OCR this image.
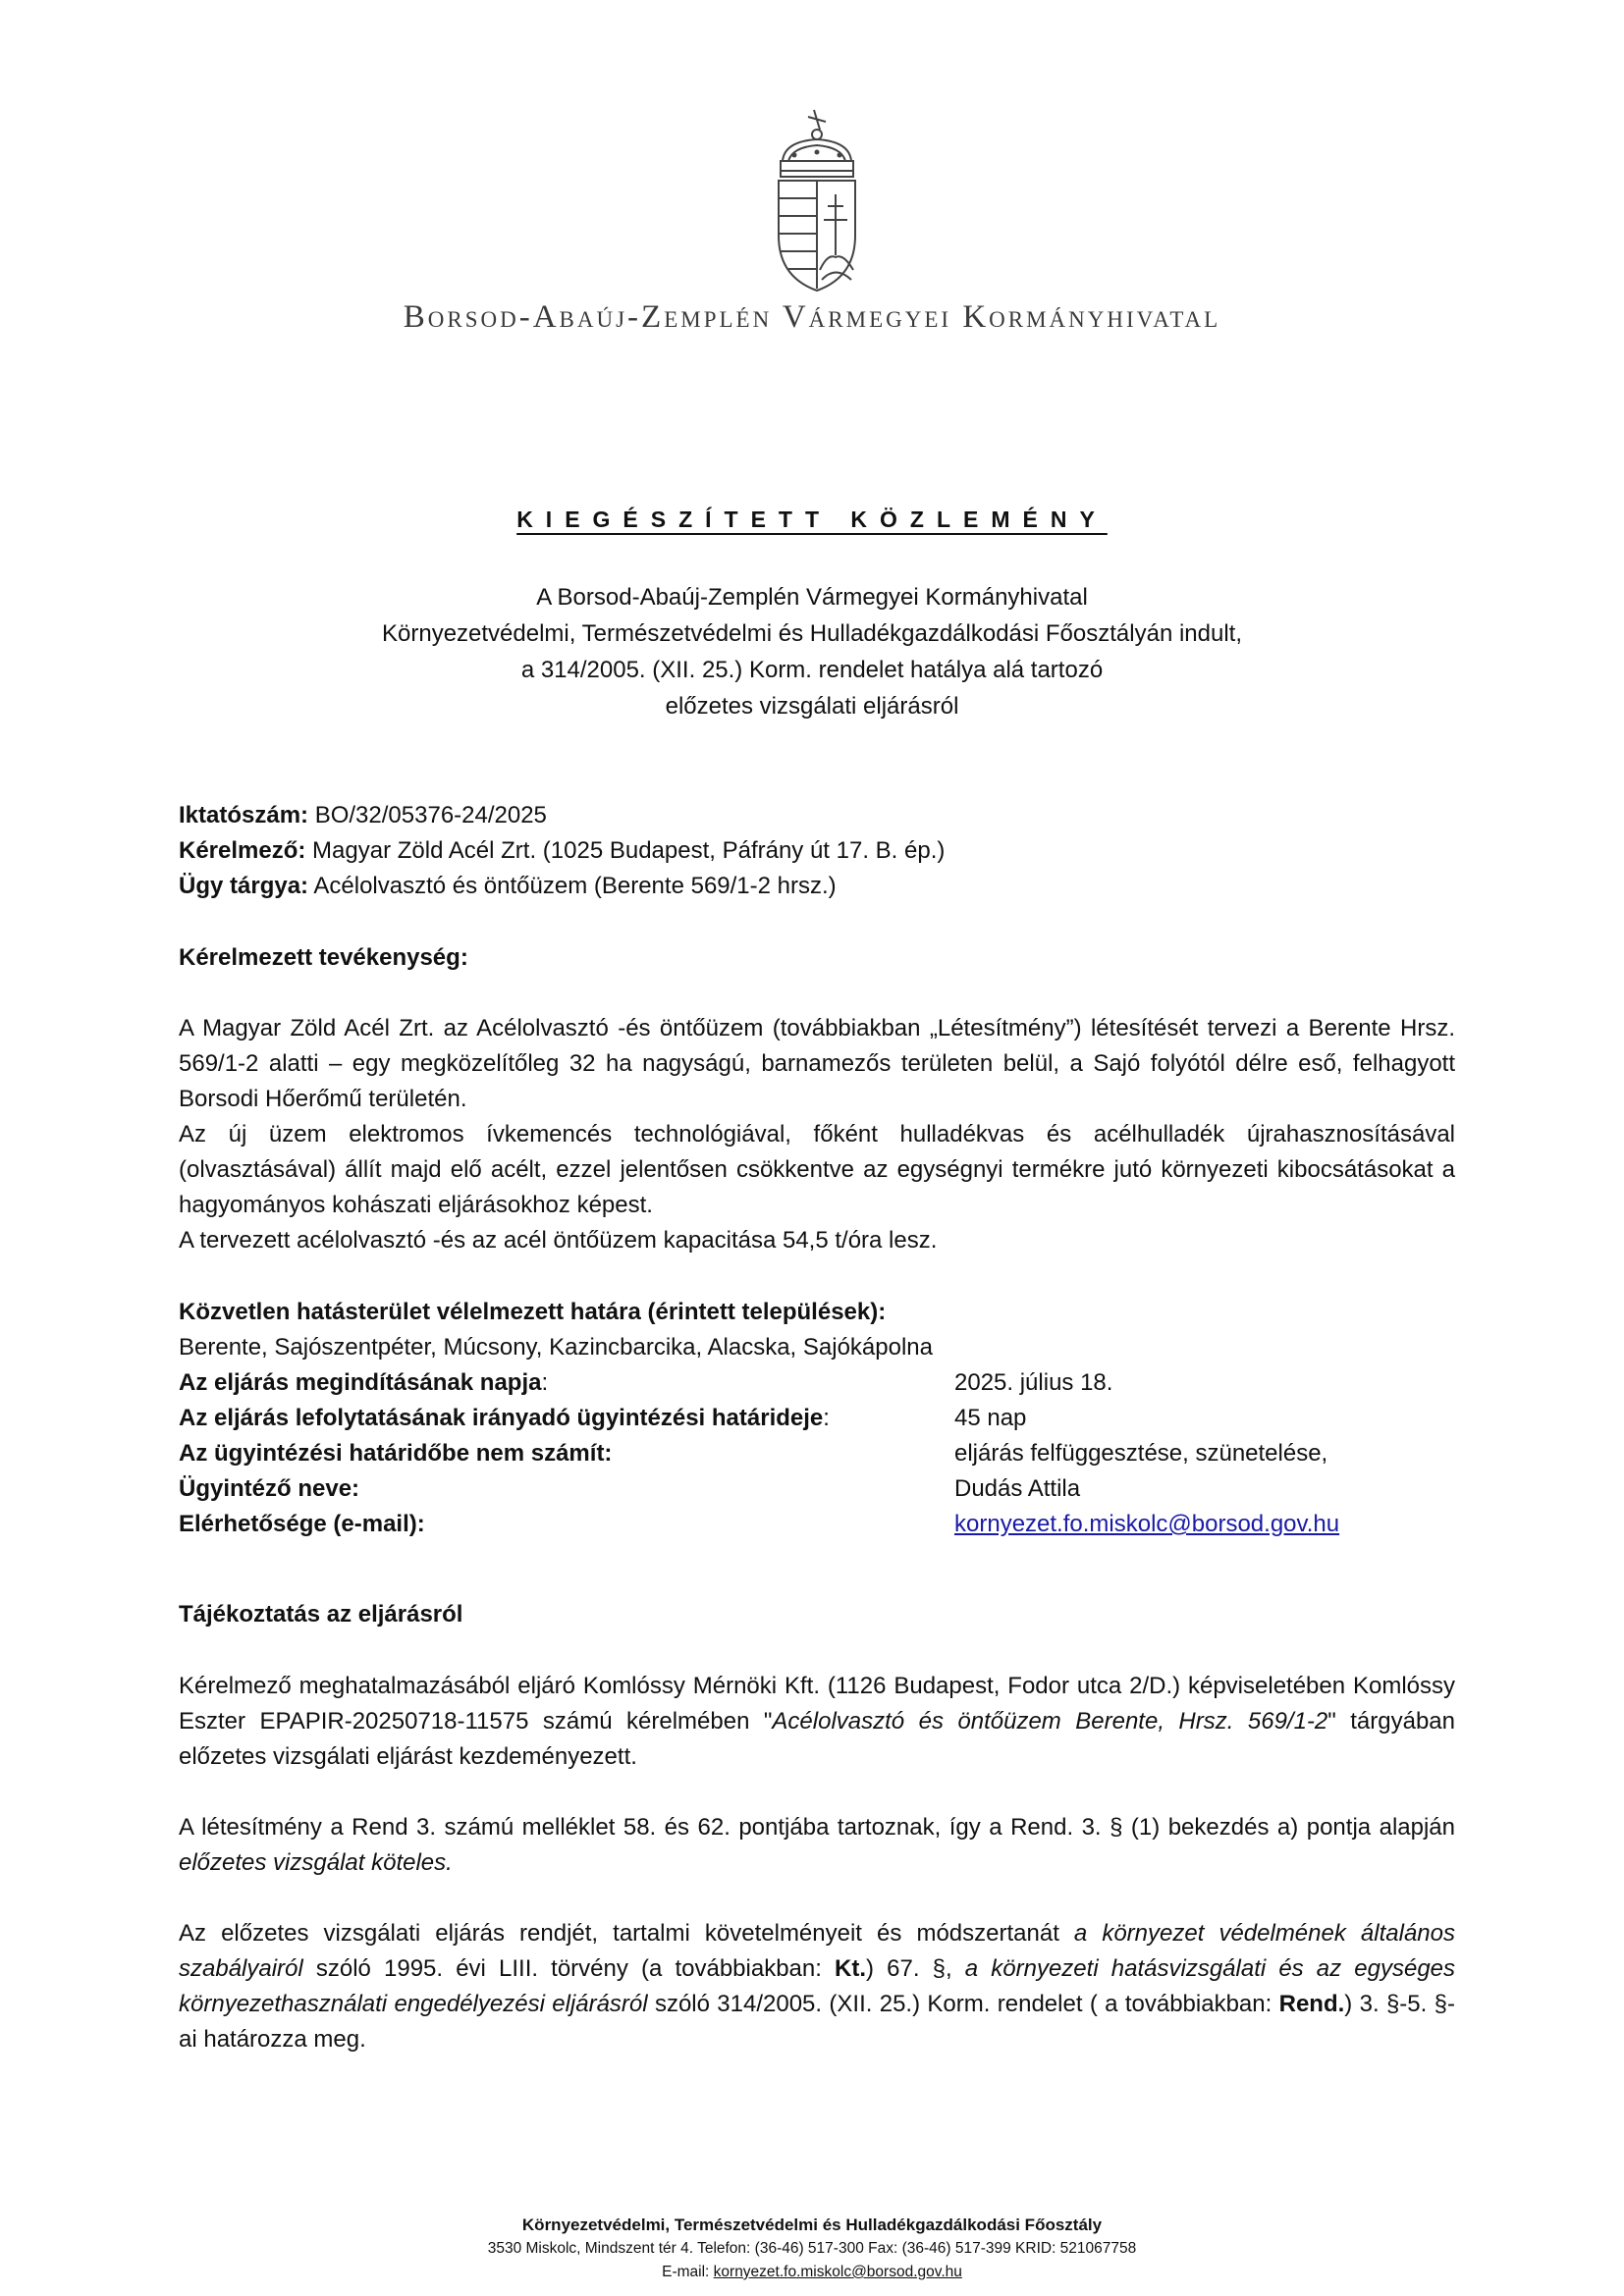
Borsod-Abaúj-Zemplén Vármegyei Kormányhivatal
KIEGÉSZÍTETT KÖZLEMÉNY
A Borsod-Abaúj-Zemplén Vármegyei Kormányhivatal
Környezetvédelmi, Természetvédelmi és Hulladékgazdálkodási Főosztályán indult,
a 314/2005. (XII. 25.) Korm. rendelet hatálya alá tartozó
előzetes vizsgálati eljárásról
Iktatószám: BO/32/05376-24/2025
Kérelmező: Magyar Zöld Acél Zrt. (1025 Budapest, Páfrány út 17. B. ép.)
Ügy tárgya: Acélolvasztó és öntőüzem (Berente 569/1-2 hrsz.)
Kérelmezett tevékenység:

A Magyar Zöld Acél Zrt. az Acélolvasztó -és öntőüzem (továbbiakban „Létesítmény”) létesítését tervezi a Berente Hrsz. 569/1-2 alatti – egy megközelítőleg 32 ha nagyságú, barnamezős területen belül, a Sajó folyótól délre eső, felhagyott Borsodi Hőerőmű területén.

Az új üzem elektromos ívkemencés technológiával, főként hulladékvas és acélhulladék újrahasznosításával (olvasztásával) állít majd elő acélt, ezzel jelentősen csökkentve az egységnyi termékre jutó környezeti kibocsátásokat a hagyományos kohászati eljárásokhoz képest.

A tervezett acélolvasztó -és az acél öntőüzem kapacitása 54,5 t/óra lesz.

Közvetlen hatásterület vélelmezett határa (érintett települések):
Berente, Sajószentpéter, Múcsony, Kazincbarcika, Alacska, Sajókápolna
Az eljárás megindításának napja:	2025. július 18.
Az eljárás lefolytatásának irányadó ügyintézési határideje:	45 nap
Az ügyintézési határidőbe nem számít:	eljárás felfüggesztése, szünetelése,
Ügyintéző neve:	Dudás Attila
Elérhetősége (e-mail):	kornyezet.fo.miskolc@borsod.gov.hu
Tájékoztatás az eljárásról

Kérelmező meghatalmazásából eljáró Komlóssy Mérnöki Kft. (1126 Budapest, Fodor utca 2/D.) képviseletében Komlóssy Eszter EPAPIR-20250718-11575 számú kérelmében "Acélolvasztó és öntőüzem Berente, Hrsz. 569/1-2" tárgyában előzetes vizsgálati eljárást kezdeményezett.

A létesítmény a Rend 3. számú melléklet 58. és 62. pontjába tartoznak, így a Rend. 3. § (1) bekezdés a) pontja alapján előzetes vizsgálat köteles.

Az előzetes vizsgálati eljárás rendjét, tartalmi követelményeit és módszertanát a környezet védelmének általános szabályairól szóló 1995. évi LIII. törvény (a továbbiakban: Kt.) 67. §, a környezeti hatásvizsgálati és az egységes környezethasználati engedélyezési eljárásról szóló 314/2005. (XII. 25.) Korm. rendelet ( a továbbiakban: Rend.) 3. §-5. §-ai határozza meg.

Környezetvédelmi, Természetvédelmi és Hulladékgazdálkodási Főosztály
3530 Miskolc, Mindszent tér 4. Telefon: (36-46) 517-300 Fax: (36-46) 517-399 KRID: 521067758
E-mail: kornyezet.fo.miskolc@borsod.gov.hu
